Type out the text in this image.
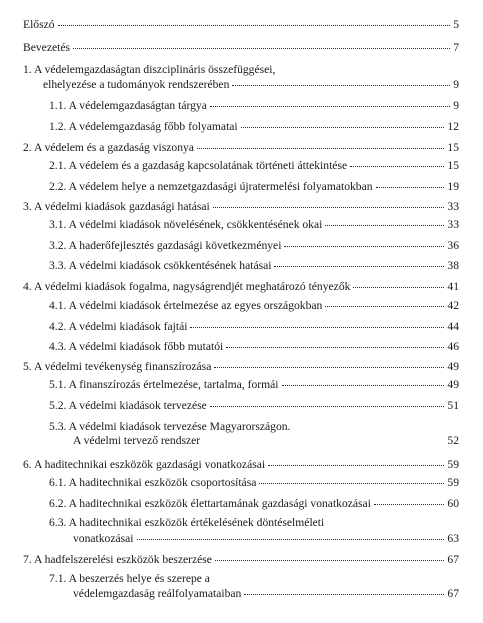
Előszó	5
Bevezetés	7
1. A védelemgazdaságtan diszciplináris összefüggései,
elhelyezése a tudományok rendszerében	9
1.1. A védelemgazdaságtan tárgya	9
1.2. A védelemgazdaság főbb folyamatai	12
2. A védelem és a gazdaság viszonya	15
2.1. A védelem és a gazdaság kapcsolatának történeti áttekintése	15
2.2. A védelem helye a nemzetgazdasági újratermelési folyamatokban	19
3. A védelmi kiadások gazdasági hatásai	33
3.1. A védelmi kiadások növelésének, csökkentésének okai	33
3.2. A haderőfejlesztés gazdasági következményei	36
3.3. A védelmi kiadások csökkentésének hatásai	38
4. A védelmi kiadások fogalma, nagyságrendjét meghatározó tényezők	41
4.1. A védelmi kiadások értelmezése az egyes országokban	42
4.2. A védelmi kiadások fajtái	44
4.3. A védelmi kiadások főbb mutatói	46
5. A védelmi tevékenység finanszírozása	49
5.1. A finanszírozás értelmezése, tartalma, formái	49
5.2. A védelmi kiadások tervezése	51
5.3. A védelmi kiadások tervezése Magyarországon.
A védelmi tervező rendszer	52
6. A haditechnikai eszközök gazdasági vonatkozásai	59
6.1. A haditechnikai eszközök csoportosítása	59
6.2. A haditechnikai eszközök élettartamának gazdasági vonatkozásai	60
6.3. A haditechnikai eszközök értékelésének döntéselméleti
vonatkozásai	63
7. A hadfelszerelési eszközök beszerzése	67
7.1. A beszerzés helye és szerepe a
védelemgazdaság reálfolyamataiban	67
